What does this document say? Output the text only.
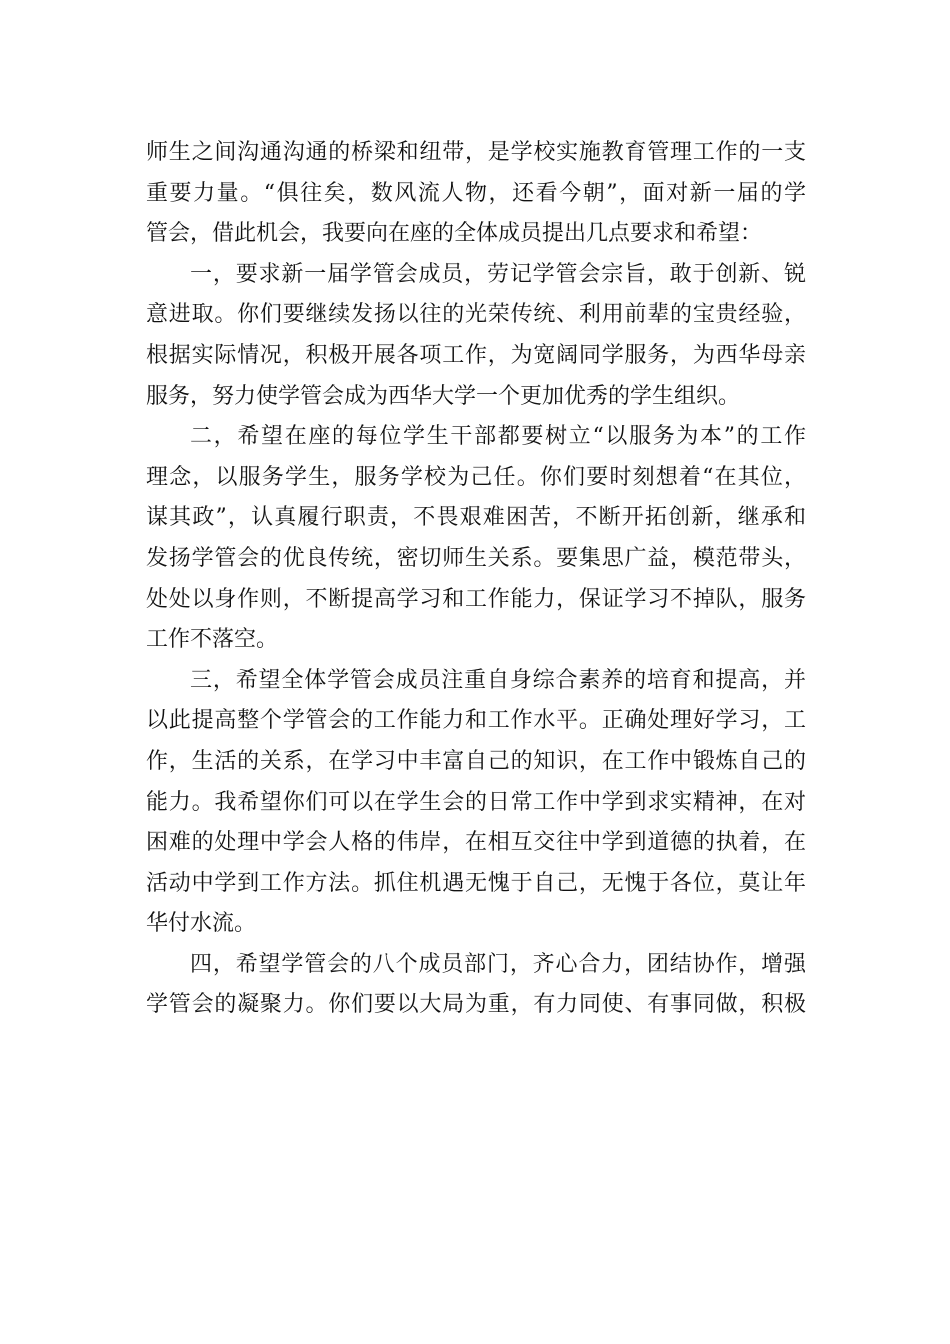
师生之间沟通沟通的桥梁和纽带，是学校实施教育管理工作的一支
重要力量。“俱往矣，数风流人物，还看今朝”，面对新一届的学
管会，借此机会，我要向在座的全体成员提出几点要求和希望：
一，要求新一届学管会成员，劳记学管会宗旨，敢于创新、锐
意进取。你们要继续发扬以往的光荣传统、利用前辈的宝贵经验，
根据实际情况，积极开展各项工作，为宽阔同学服务，为西华母亲
服务，努力使学管会成为西华大学一个更加优秀的学生组织。
二，希望在座的每位学生干部都要树立“以服务为本”的工作
理念，以服务学生，服务学校为己任。你们要时刻想着“在其位，
谋其政”，认真履行职责，不畏艰难困苦，不断开拓创新，继承和
发扬学管会的优良传统，密切师生关系。要集思广益，模范带头，
处处以身作则，不断提高学习和工作能力，保证学习不掉队，服务
工作不落空。
三，希望全体学管会成员注重自身综合素养的培育和提高，并
以此提高整个学管会的工作能力和工作水平。正确处理好学习，工
作，生活的关系，在学习中丰富自己的知识，在工作中锻炼自己的
能力。我希望你们可以在学生会的日常工作中学到求实精神，在对
困难的处理中学会人格的伟岸，在相互交往中学到道德的执着，在
活动中学到工作方法。抓住机遇无愧于自己，无愧于各位，莫让年
华付水流。
四，希望学管会的八个成员部门，齐心合力，团结协作，增强
学管会的凝聚力。你们要以大局为重，有力同使、有事同做，积极
